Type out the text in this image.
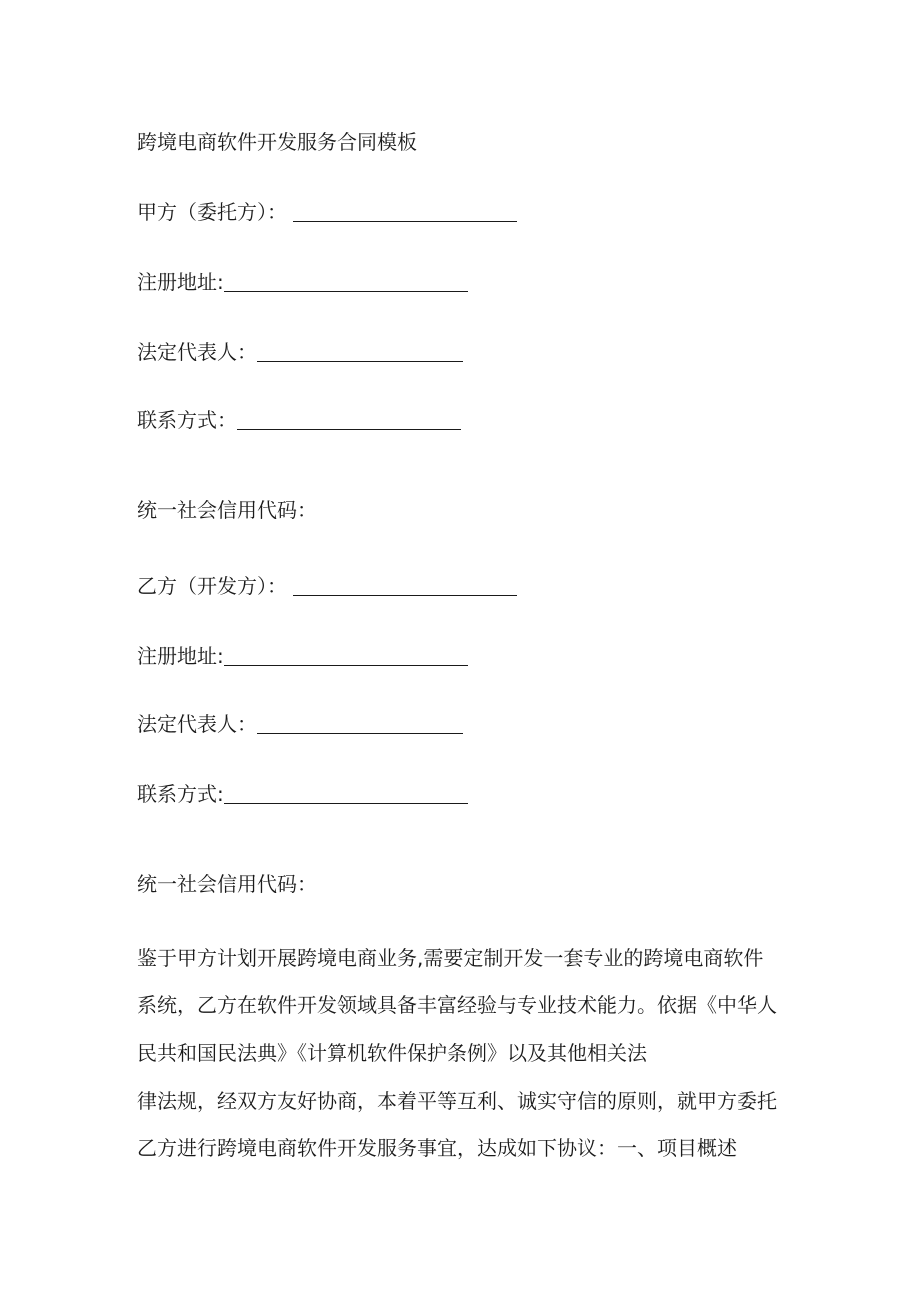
跨境电商软件开发服务合同模板
甲方（委托方）：
注册地址:
法定代表人：
联系方式：
统一社会信用代码：
乙方（开发方）：
注册地址:
法定代表人：
联系方式:
统一社会信用代码：
鉴于甲方计划开展跨境电商业务,需要定制开发一套专业的跨境电商软件
系统，乙方在软件开发领域具备丰富经验与专业技术能力。依据《中华人
民共和国民法典》《计算机软件保护条例》以及其他相关法
律法规，经双方友好协商，本着平等互利、诚实守信的原则，就甲方委托
乙方进行跨境电商软件开发服务事宜，达成如下协议：一、项目概述
